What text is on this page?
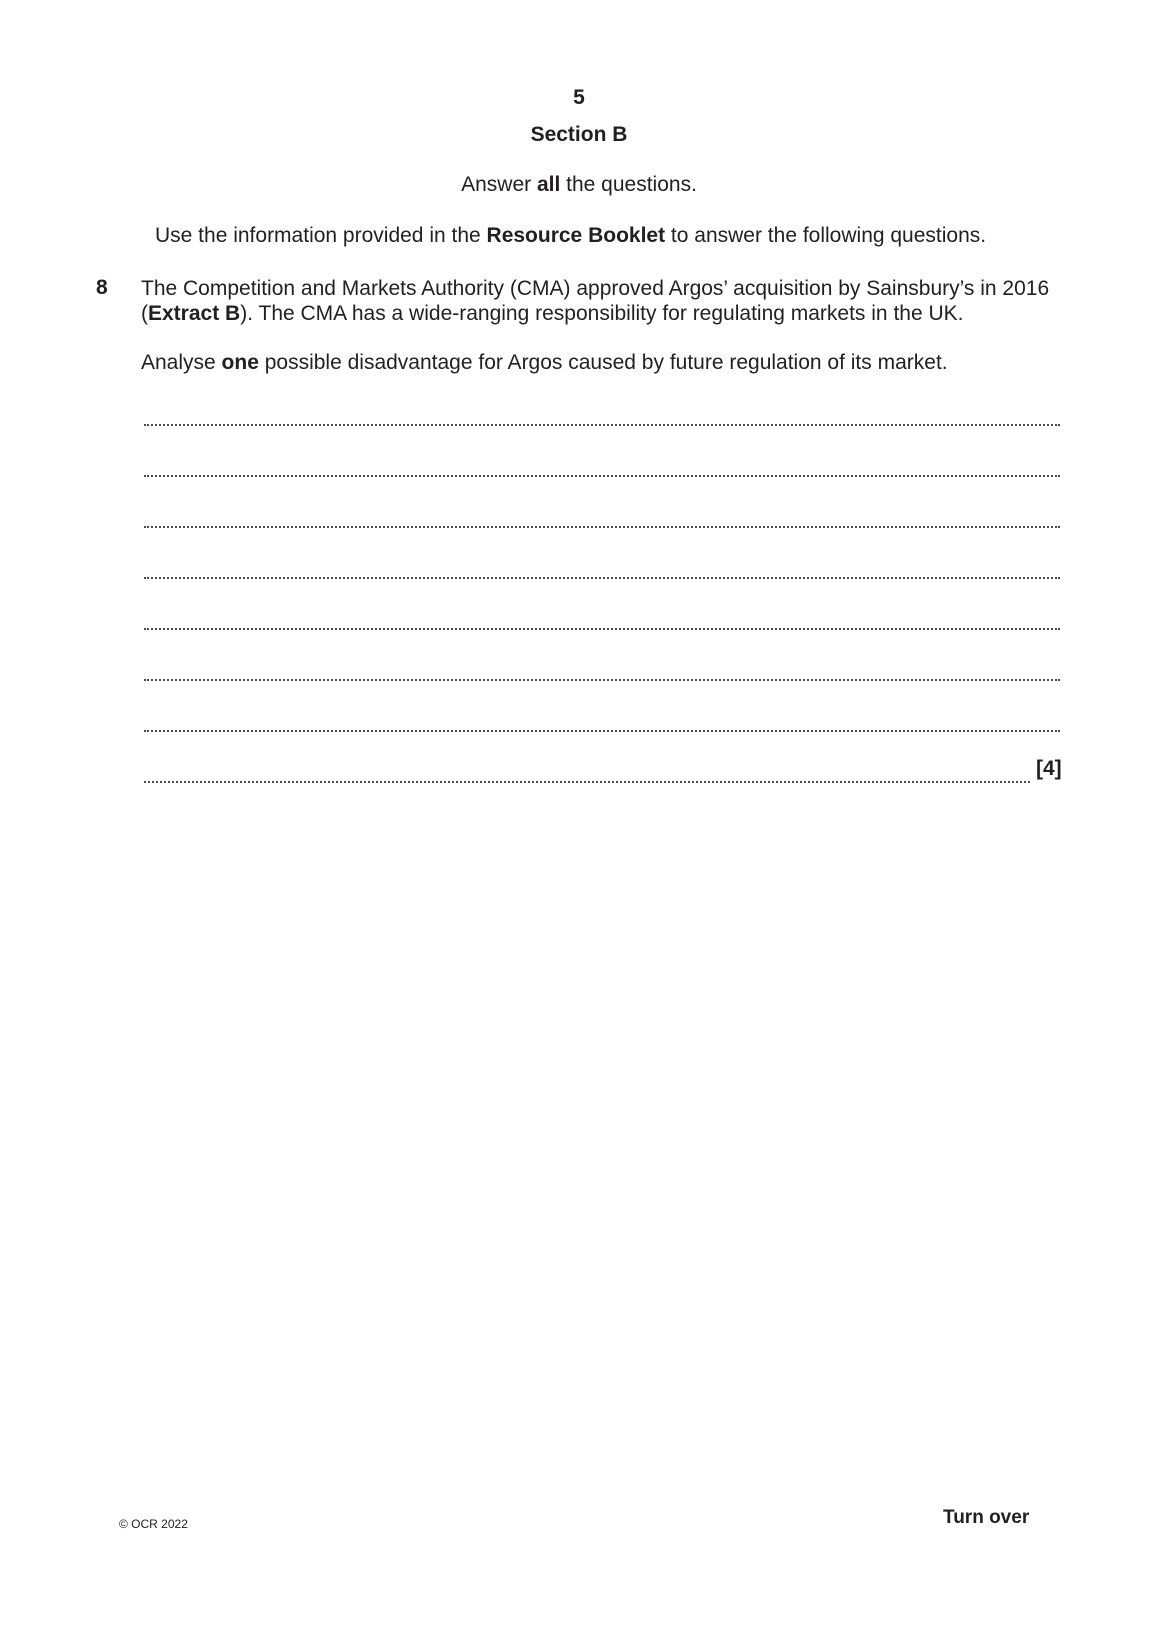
5
Section B
Answer all the questions.
Use the information provided in the Resource Booklet to answer the following questions.
8 The Competition and Markets Authority (CMA) approved Argos’ acquisition by Sainsbury’s in 2016 (Extract B). The CMA has a wide-ranging responsibility for regulating markets in the UK.
Analyse one possible disadvantage for Argos caused by future regulation of its market.
[4]
© OCR 2022	Turn over
